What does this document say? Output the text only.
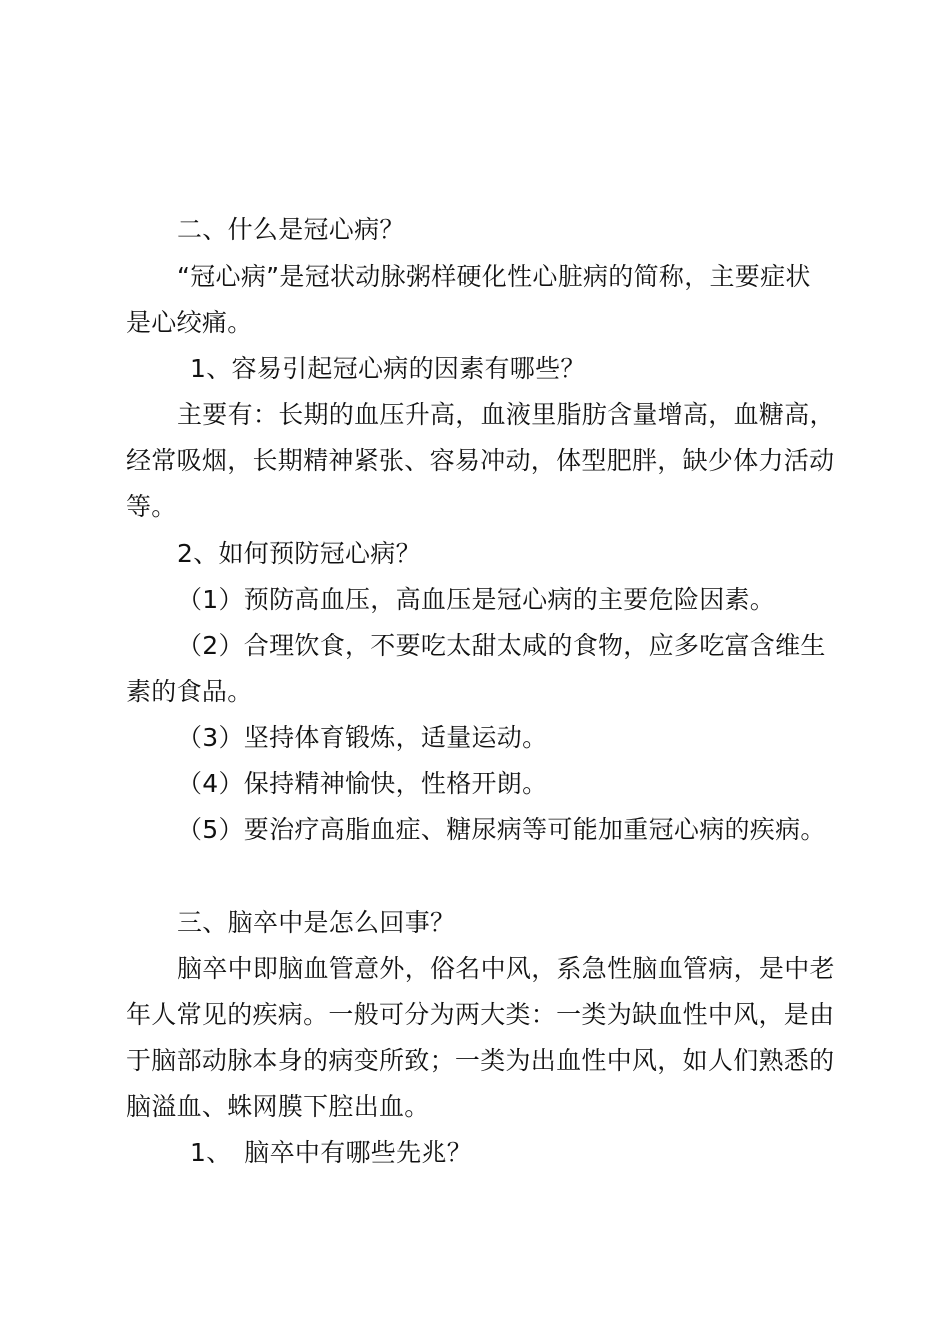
二、什么是冠心病？
“冠心病”是冠状动脉粥样硬化性心脏病的简称，主要症状
是心绞痛。
1、容易引起冠心病的因素有哪些？
主要有：长期的血压升高，血液里脂肪含量增高，血糖高，
经常吸烟，长期精神紧张、容易冲动，体型肥胖，缺少体力活动
等。
2、如何预防冠心病？
（1）预防高血压，高血压是冠心病的主要危险因素。
（2）合理饮食，不要吃太甜太咸的食物，应多吃富含维生
素的食品。
（3）坚持体育锻炼，适量运动。
（4）保持精神愉快，性格开朗。
（5）要治疗高脂血症、糖尿病等可能加重冠心病的疾病。
三、脑卒中是怎么回事？
脑卒中即脑血管意外，俗名中风，系急性脑血管病，是中老
年人常见的疾病。一般可分为两大类：一类为缺血性中风，是由
于脑部动脉本身的病变所致；一类为出血性中风，如人们熟悉的
脑溢血、蛛网膜下腔出血。
1、　脑卒中有哪些先兆？
